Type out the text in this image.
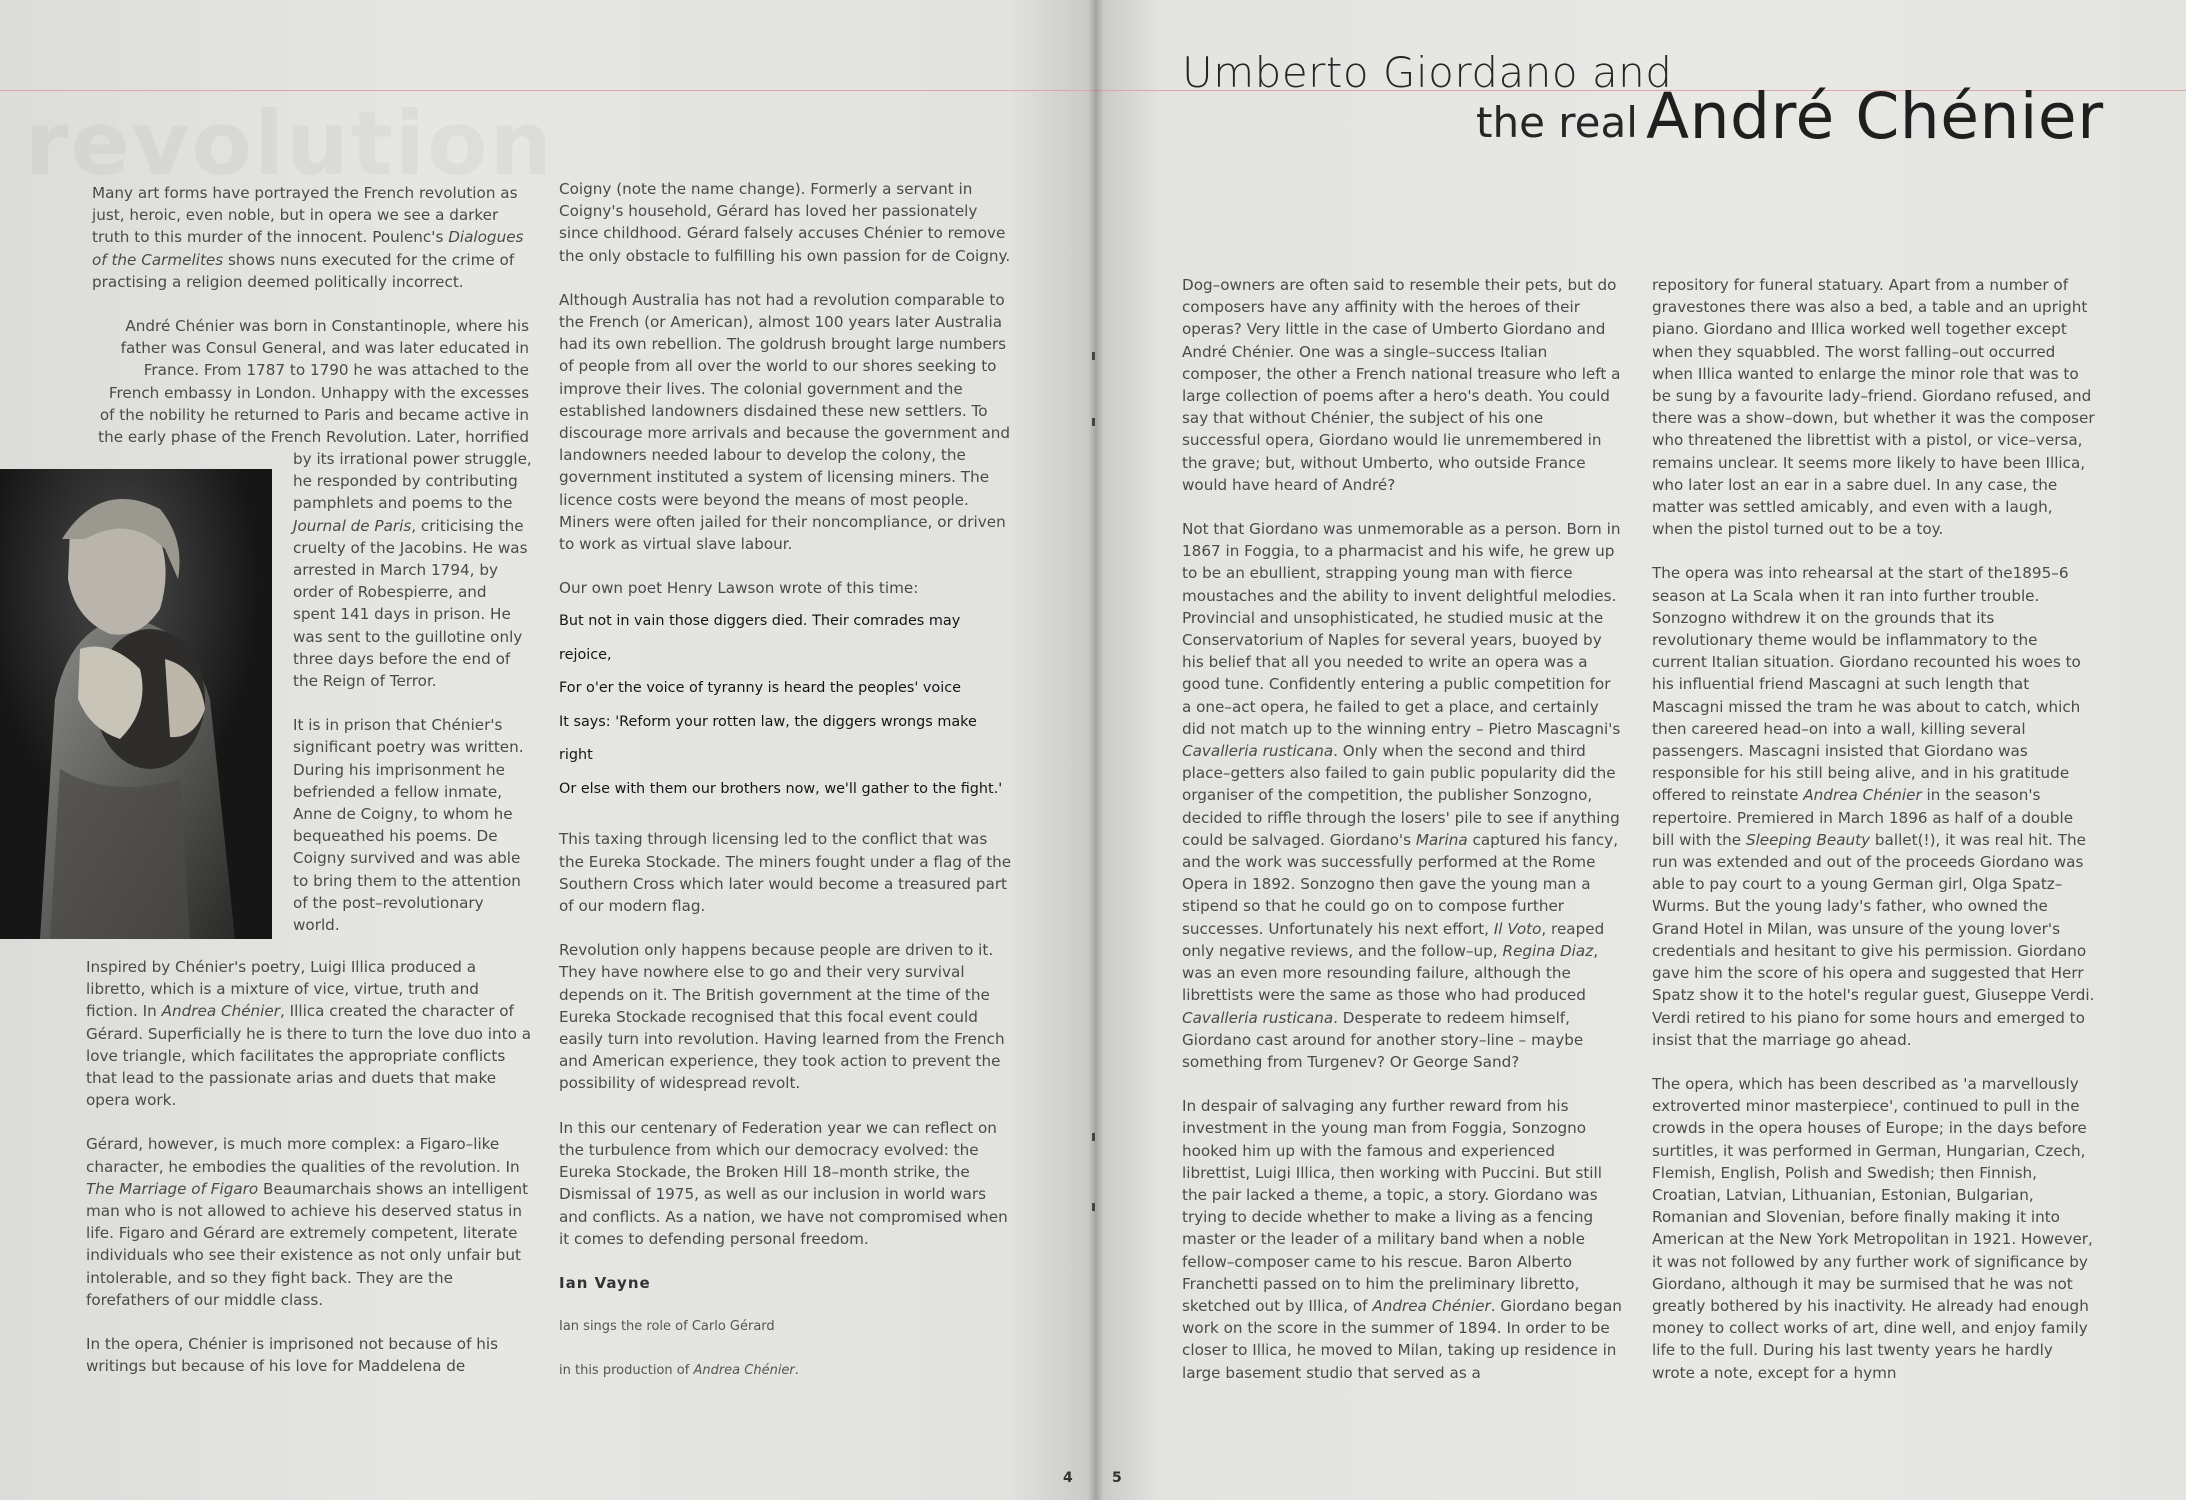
Many art forms have portrayed the French revolution as just, heroic, even noble, but in opera we see a darker truth to this murder of the innocent. Poulenc's Dialogues of the Carmelites shows nuns executed for the crime of practising a religion deemed politically incorrect.

André Chénier was born in Constantinople, where his father was Consul General, and was later educated in France. From 1787 to 1790 he was attached to the French embassy in London. Unhappy with the excesses of the nobility he returned to Paris and became active in the early phase of the French Revolution. Later, horrified

by its irrational power struggle, he responded by contributing pamphlets and poems to the Journal de Paris, criticising the cruelty of the Jacobins. He was arrested in March 1794, by order of Robespierre, and spent 141 days in prison. He was sent to the guillotine only three days before the end of the Reign of Terror.

It is in prison that Chénier's significant poetry was written. During his imprisonment he befriended a fellow inmate, Anne de Coigny, to whom he bequeathed his poems. De Coigny survived and was able to bring them to the attention of the post–revolutionary world.

Inspired by Chénier's poetry, Luigi Illica produced a libretto, which is a mixture of vice, virtue, truth and fiction. In Andrea Chénier, Illica created the character of Gérard. Superficially he is there to turn the love duo into a love triangle, which facilitates the appropriate conflicts that lead to the passionate arias and duets that make opera work.

Gérard, however, is much more complex: a Figaro–like character, he embodies the qualities of the revolution. In The Marriage of Figaro Beaumarchais shows an intelligent man who is not allowed to achieve his deserved status in life. Figaro and Gérard are extremely competent, literate individuals who see their existence as not only unfair but intolerable, and so they fight back. They are the forefathers of our middle class.

In the opera, Chénier is imprisoned not because of his writings but because of his love for Maddelena de

Coigny (note the name change). Formerly a servant in Coigny's household, Gérard has loved her passionately since childhood. Gérard falsely accuses Chénier to remove the only obstacle to fulfilling his own passion for de Coigny.

Although Australia has not had a revolution comparable to the French (or American), almost 100 years later Australia had its own rebellion. The goldrush brought large numbers of people from all over the world to our shores seeking to improve their lives. The colonial government and the established landowners disdained these new settlers. To discourage more arrivals and because the government and landowners needed labour to develop the colony, the government instituted a system of licensing miners. The licence costs were beyond the means of most people. Miners were often jailed for their noncompliance, or driven to work as virtual slave labour.

Our own poet Henry Lawson wrote of this time:

But not in vain those diggers died. Their comrades may rejoice,
For o'er the voice of tyranny is heard the peoples' voice
It says: 'Reform your rotten law, the diggers wrongs make right
Or else with them our brothers now, we'll gather to the fight.'

This taxing through licensing led to the conflict that was the Eureka Stockade. The miners fought under a flag of the Southern Cross which later would become a treasured part of our modern flag.

Revolution only happens because people are driven to it. They have nowhere else to go and their very survival depends on it. The British government at the time of the Eureka Stockade recognised that this focal event could easily turn into revolution. Having learned from the French and American experience, they took action to prevent the possibility of widespread revolt.

In this our centenary of Federation year we can reflect on the turbulence from which our democracy evolved: the Eureka Stockade, the Broken Hill 18–month strike, the Dismissal of 1975, as well as our inclusion in world wars and conflicts. As a nation, we have not compromised when it comes to defending personal freedom.

Ian Vayne

Ian sings the role of Carlo Gérard

in this production of Andrea Chénier.

4	5
Umberto Giordano and
the real André Chénier

Dog–owners are often said to resemble their pets, but do composers have any affinity with the heroes of their operas? Very little in the case of Umberto Giordano and André Chénier. One was a single–success Italian composer, the other a French national treasure who left a large collection of poems after a hero's death. You could say that without Chénier, the subject of his one successful opera, Giordano would lie unremembered in the grave; but, without Umberto, who outside France would have heard of André?

Not that Giordano was unmemorable as a person. Born in 1867 in Foggia, to a pharmacist and his wife, he grew up to be an ebullient, strapping young man with fierce moustaches and the ability to invent delightful melodies. Provincial and unsophisticated, he studied music at the Conservatorium of Naples for several years, buoyed by his belief that all you needed to write an opera was a good tune. Confidently entering a public competition for a one–act opera, he failed to get a place, and certainly did not match up to the winning entry – Pietro Mascagni's Cavalleria rusticana. Only when the second and third place–getters also failed to gain public popularity did the organiser of the competition, the publisher Sonzogno, decided to riffle through the losers' pile to see if anything could be salvaged. Giordano's Marina captured his fancy, and the work was successfully performed at the Rome Opera in 1892. Sonzogno then gave the young man a stipend so that he could go on to compose further successes. Unfortunately his next effort, Il Voto, reaped only negative reviews, and the follow–up, Regina Diaz, was an even more resounding failure, although the librettists were the same as those who had produced Cavalleria rusticana. Desperate to redeem himself, Giordano cast around for another story–line – maybe something from Turgenev? Or George Sand?

In despair of salvaging any further reward from his investment in the young man from Foggia, Sonzogno hooked him up with the famous and experienced librettist, Luigi Illica, then working with Puccini. But still the pair lacked a theme, a topic, a story. Giordano was trying to decide whether to make a living as a fencing master or the leader of a military band when a noble fellow–composer came to his rescue. Baron Alberto Franchetti passed on to him the preliminary libretto, sketched out by Illica, of Andrea Chénier. Giordano began work on the score in the summer of 1894. In order to be closer to Illica, he moved to Milan, taking up residence in large basement studio that served as a

repository for funeral statuary. Apart from a number of gravestones there was also a bed, a table and an upright piano. Giordano and Illica worked well together except when they squabbled. The worst falling–out occurred when Illica wanted to enlarge the minor role that was to be sung by a favourite lady–friend. Giordano refused, and there was a show–down, but whether it was the composer who threatened the librettist with a pistol, or vice–versa, remains unclear. It seems more likely to have been Illica, who later lost an ear in a sabre duel. In any case, the matter was settled amicably, and even with a laugh, when the pistol turned out to be a toy.

The opera was into rehearsal at the start of the1895–6 season at La Scala when it ran into further trouble. Sonzogno withdrew it on the grounds that its revolutionary theme would be inflammatory to the current Italian situation. Giordano recounted his woes to his influential friend Mascagni at such length that Mascagni missed the tram he was about to catch, which then careered head–on into a wall, killing several passengers. Mascagni insisted that Giordano was responsible for his still being alive, and in his gratitude offered to reinstate Andrea Chénier in the season's repertoire. Premiered in March 1896 as half of a double bill with the Sleeping Beauty ballet(!), it was real hit. The run was extended and out of the proceeds Giordano was able to pay court to a young German girl, Olga Spatz–Wurms. But the young lady's father, who owned the Grand Hotel in Milan, was unsure of the young lover's credentials and hesitant to give his permission. Giordano gave him the score of his opera and suggested that Herr Spatz show it to the hotel's regular guest, Giuseppe Verdi. Verdi retired to his piano for some hours and emerged to insist that the marriage go ahead.

The opera, which has been described as 'a marvellously extroverted minor masterpiece', continued to pull in the crowds in the opera houses of Europe; in the days before surtitles, it was performed in German, Hungarian, Czech, Flemish, English, Polish and Swedish; then Finnish, Croatian, Latvian, Lithuanian, Estonian, Bulgarian, Romanian and Slovenian, before finally making it into American at the New York Metropolitan in 1921. However, it was not followed by any further work of significance by Giordano, although it may be surmised that he was not greatly bothered by his inactivity. He already had enough money to collect works of art, dine well, and enjoy family life to the full. During his last twenty years he hardly wrote a note, except for a hymn
